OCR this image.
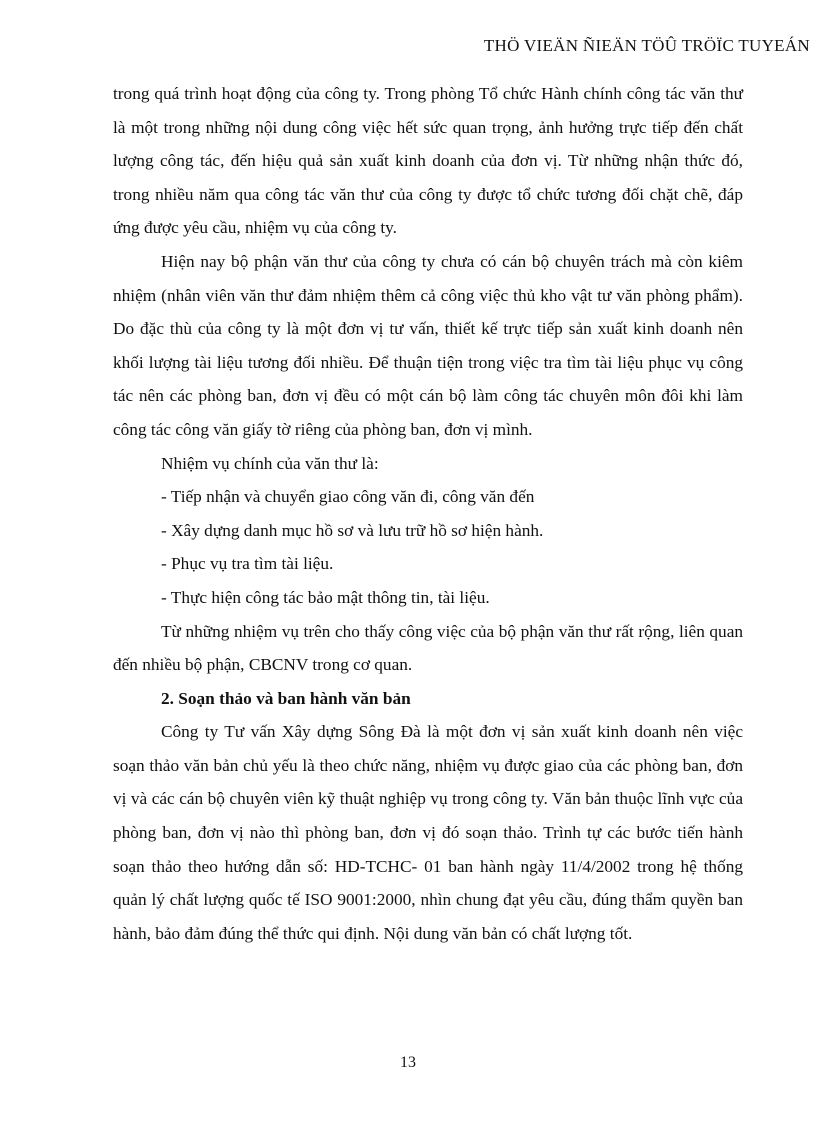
THÖ VIEÄN ÑIEÄN TÖÛ TRÖÏC TUYEÁN

trong quá trình hoạt động của công ty. Trong phòng Tổ chức Hành chính công tác văn thư là một trong những nội dung công việc hết sức quan trọng, ảnh hưởng trực tiếp đến chất lượng công tác, đến hiệu quả sản xuất kinh doanh của đơn vị. Từ những nhận thức đó, trong nhiều năm qua công tác văn thư của công ty được tổ chức tương đối chặt chẽ, đáp ứng được yêu cầu, nhiệm vụ của công ty.

Hiện nay bộ phận văn thư của công ty chưa có cán bộ chuyên trách mà còn kiêm nhiệm (nhân viên văn thư đảm nhiệm thêm cả công việc thủ kho vật tư văn phòng phẩm). Do đặc thù của công ty là một đơn vị tư vấn, thiết kế trực tiếp sản xuất kinh doanh nên khối lượng tài liệu tương đối nhiều. Để thuận tiện trong việc tra tìm tài liệu phục vụ công tác nên các phòng ban, đơn vị đều có một cán bộ làm công tác chuyên môn đôi khi làm công tác công văn giấy tờ riêng của phòng ban, đơn vị mình.

Nhiệm vụ chính của văn thư là:

- Tiếp nhận và chuyển giao công văn đi, công văn đến

- Xây dựng danh mục hồ sơ và lưu trữ hồ sơ hiện hành.

- Phục vụ tra tìm tài liệu.

- Thực hiện công tác bảo mật thông tin, tài liệu.

Từ những nhiệm vụ trên cho thấy công việc của bộ phận văn thư rất rộng, liên quan đến nhiều bộ phận, CBCNV trong cơ quan.

2. Soạn thảo và ban hành văn bản

Công ty Tư vấn Xây dựng Sông Đà là một đơn vị sản xuất kinh doanh nên việc soạn thảo văn bản chủ yếu là theo chức năng, nhiệm vụ được giao của các phòng ban, đơn vị và các cán bộ chuyên viên kỹ thuật nghiệp vụ trong công ty. Văn bản thuộc lĩnh vực của phòng ban, đơn vị nào thì phòng ban, đơn vị đó soạn thảo. Trình tự các bước tiến hành soạn thảo theo hướng dẫn số: HD-TCHC- 01 ban hành ngày 11/4/2002 trong hệ thống quản lý chất lượng quốc tế ISO 9001:2000, nhìn chung đạt yêu cầu, đúng thẩm quyền ban hành, bảo đảm đúng thể thức qui định. Nội dung văn bản có chất lượng tốt.

13
